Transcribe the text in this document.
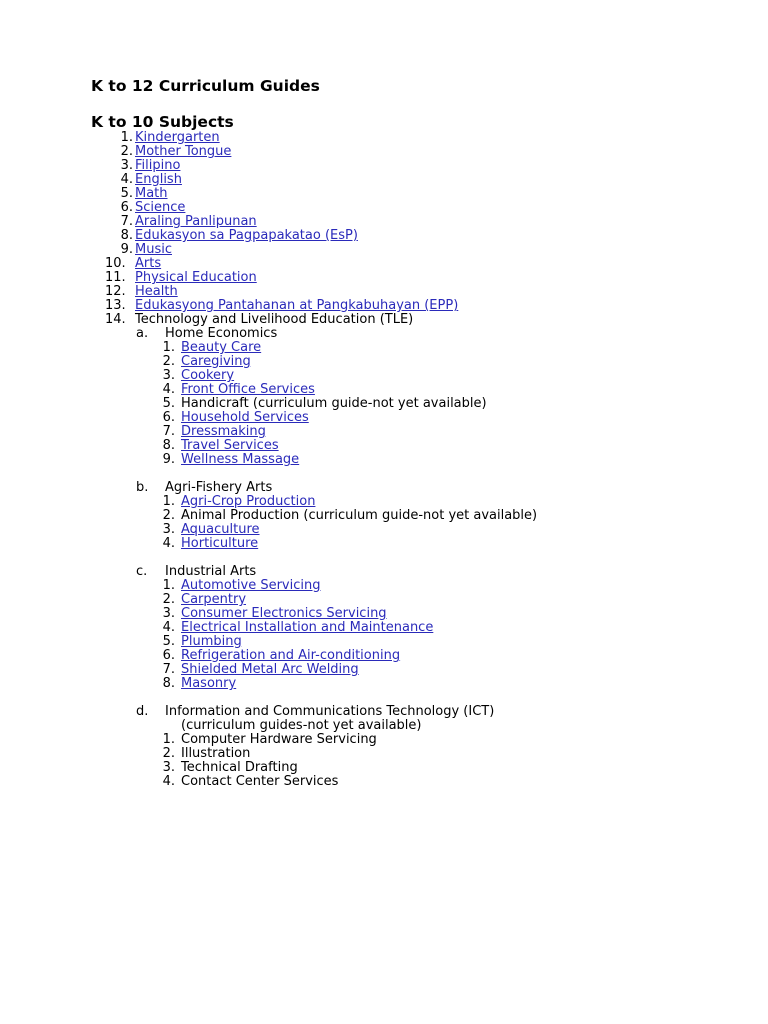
K to 12 Curriculum Guides
K to 10 Subjects
1. Kindergarten
2. Mother Tongue
3. Filipino
4. English
5. Math
6. Science
7. Araling Panlipunan
8. Edukasyon sa Pagpapakatao (EsP)
9. Music
10. Arts
11. Physical Education
12. Health
13. Edukasyong Pantahanan at Pangkabuhayan (EPP)
14. Technology and Livelihood Education (TLE)
a.	Home Economics
1. Beauty Care
2. Caregiving
3. Cookery
4. Front Office Services
5. Handicraft (curriculum guide-not yet available)
6. Household Services
7. Dressmaking
8. Travel Services
9. Wellness Massage
b.	Agri-Fishery Arts
1. Agri-Crop Production
2. Animal Production (curriculum guide-not yet available)
3. Aquaculture
4. Horticulture
c.	Industrial Arts
1. Automotive Servicing
2. Carpentry
3. Consumer Electronics Servicing
4. Electrical Installation and Maintenance
5. Plumbing
6. Refrigeration and Air-conditioning
7. Shielded Metal Arc Welding
8. Masonry
d.	Information and Communications Technology (ICT)
(curriculum guides-not yet available)
1. Computer Hardware Servicing
2. Illustration
3. Technical Drafting
4. Contact Center Services
